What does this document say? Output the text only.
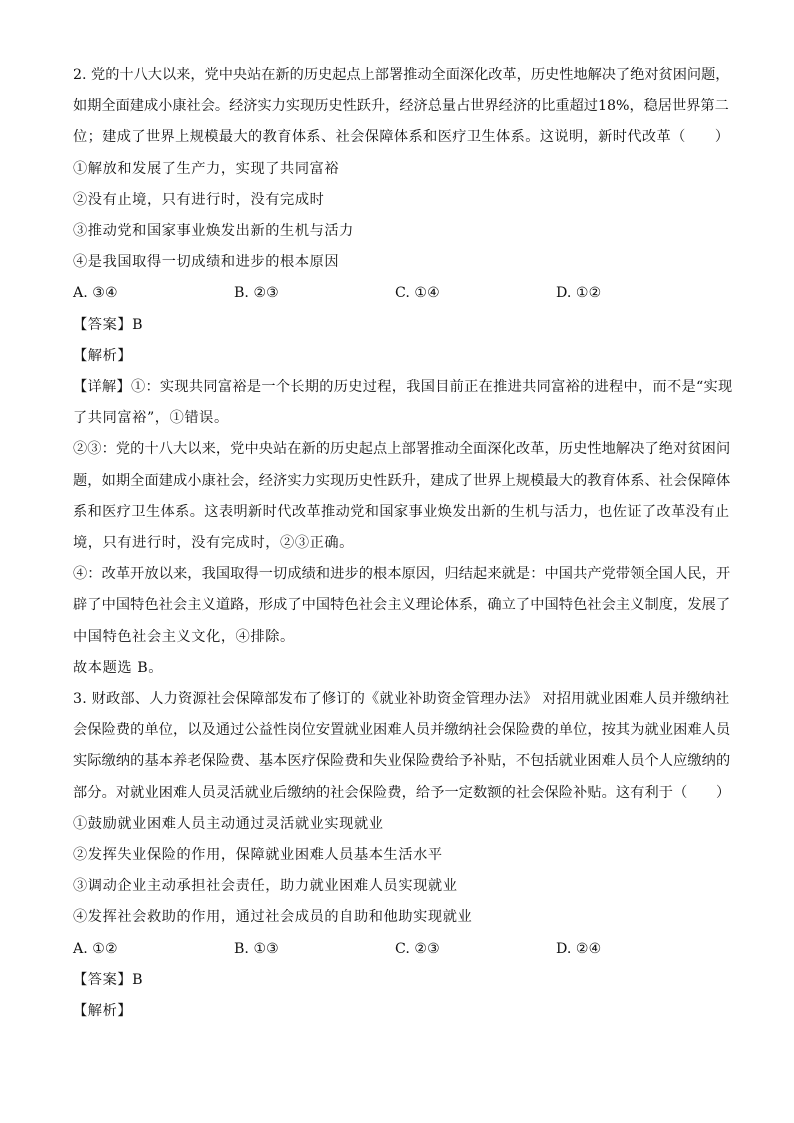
2. 党的十八大以来，党中央站在新的历史起点上部署推动全面深化改革，历史性地解决了绝对贫困问题，
如期全面建成小康社会。经济实力实现历史性跃升，经济总量占世界经济的比重超过18%，稳居世界第二
位；建成了世界上规模最大的教育体系、社会保障体系和医疗卫生体系。这说明，新时代改革（　　）
①解放和发展了生产力，实现了共同富裕
②没有止境，只有进行时，没有完成时
③推动党和国家事业焕发出新的生机与活力
④是我国取得一切成绩和进步的根本原因
A. ③④	B. ②③	C. ①④	D. ①②
【答案】B
【解析】
【详解】①：实现共同富裕是一个长期的历史过程，我国目前正在推进共同富裕的进程中，而不是“实现
了共同富裕”，①错误。
②③：党的十八大以来，党中央站在新的历史起点上部署推动全面深化改革，历史性地解决了绝对贫困问
题，如期全面建成小康社会，经济实力实现历史性跃升，建成了世界上规模最大的教育体系、社会保障体
系和医疗卫生体系。这表明新时代改革推动党和国家事业焕发出新的生机与活力，也佐证了改革没有止
境，只有进行时，没有完成时，②③正确。
④：改革开放以来，我国取得一切成绩和进步的根本原因，归结起来就是：中国共产党带领全国人民，开
辟了中国特色社会主义道路，形成了中国特色社会主义理论体系，确立了中国特色社会主义制度，发展了
中国特色社会主义文化，④排除。
故本题选 B。
3. 财政部、人力资源社会保障部发布了修订的《就业补助资金管理办法》 对招用就业困难人员并缴纳社
会保险费的单位，以及通过公益性岗位安置就业困难人员并缴纳社会保险费的单位，按其为就业困难人员
实际缴纳的基本养老保险费、基本医疗保险费和失业保险费给予补贴，不包括就业困难人员个人应缴纳的
部分。对就业困难人员灵活就业后缴纳的社会保险费，给予一定数额的社会保险补贴。这有利于（　　）
①鼓励就业困难人员主动通过灵活就业实现就业
②发挥失业保险的作用，保障就业困难人员基本生活水平
③调动企业主动承担社会责任，助力就业困难人员实现就业
④发挥社会救助的作用，通过社会成员的自助和他助实现就业
A. ①②	B. ①③	C. ②③	D. ②④
【答案】B
【解析】
